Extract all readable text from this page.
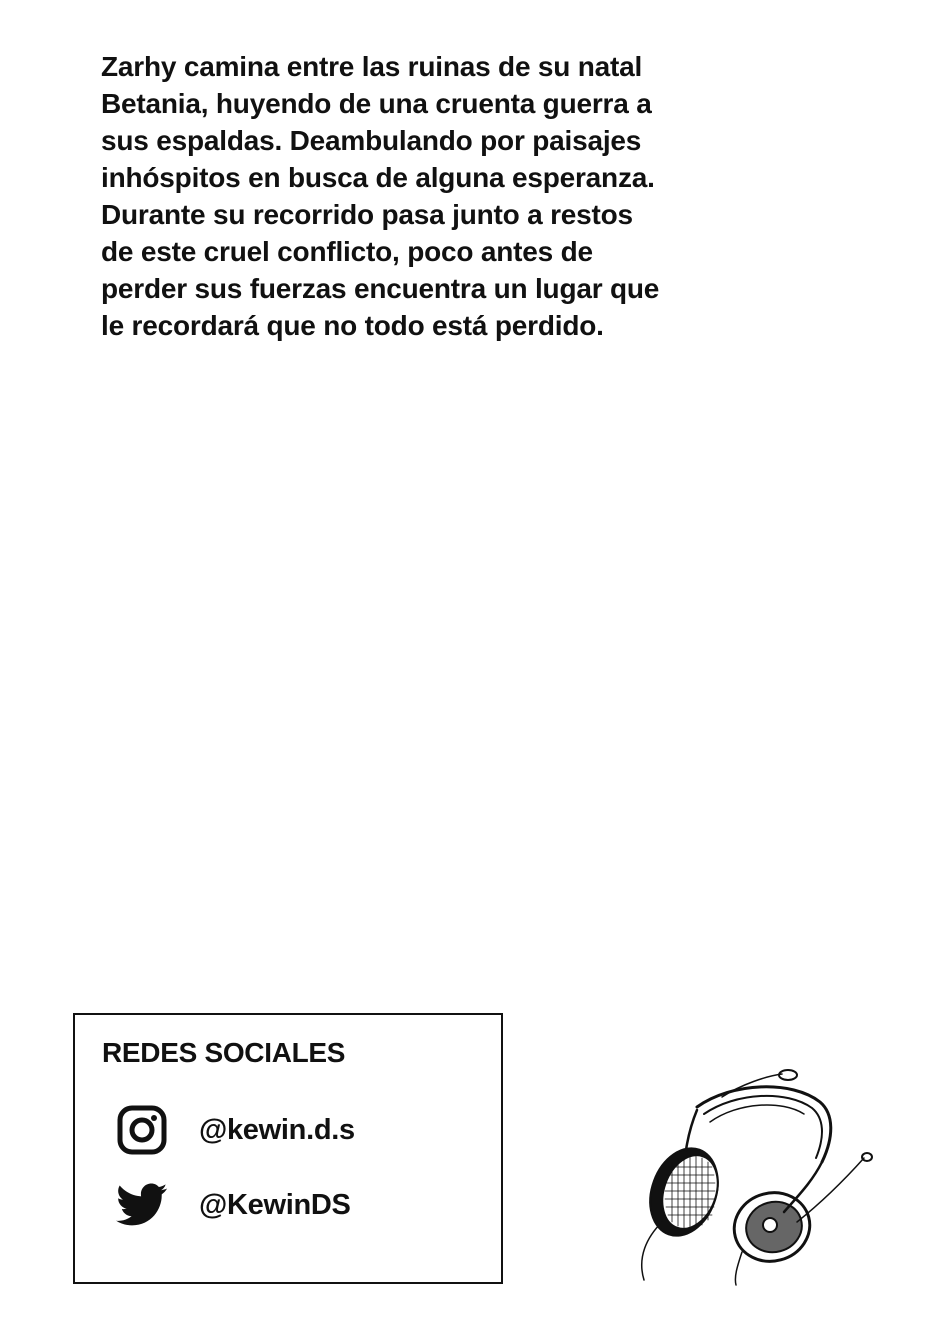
Zarhy camina entre las ruinas de su natal Betania, huyendo de una cruenta guerra a sus espaldas. Deambulando por paisajes inhóspitos en busca de alguna esperanza.

Durante su recorrido pasa junto a restos de este cruel conflicto, poco antes de perder sus fuerzas encuentra un lugar que le recordará que no todo está perdido.

REDES SOCIALES
@kewin.d.s
@KewinDS
